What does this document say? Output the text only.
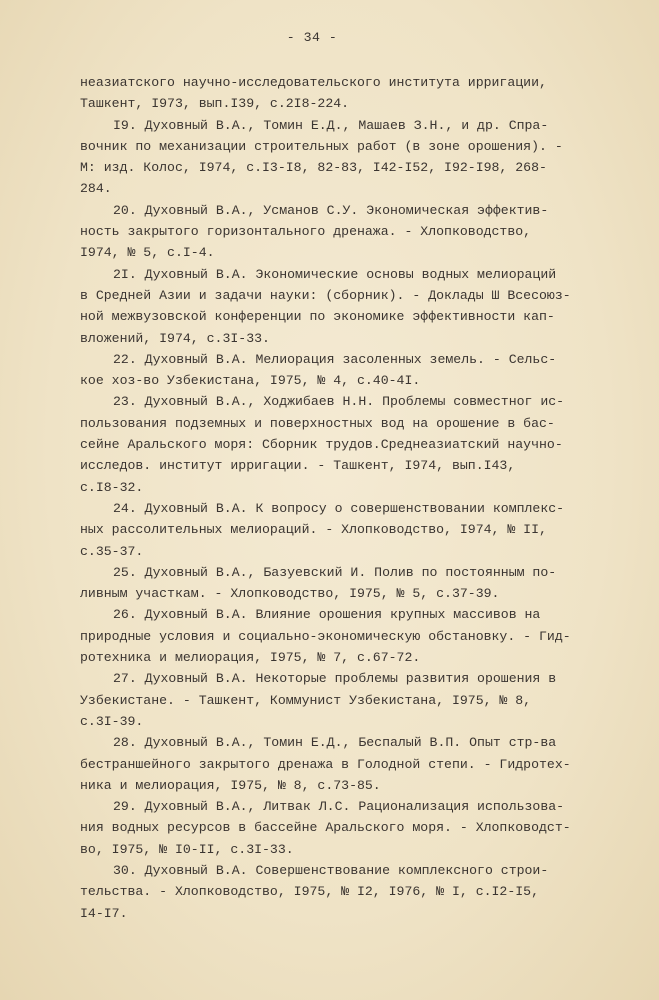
- 34 -
неазиатского научно-исследовательского института ирригации,
Ташкент, I973, вып.I39, с.2I8-224.
I9. Духовный В.А., Томин Е.Д., Машаев З.Н., и др. Спра-
вочник по механизации строительных работ (в зоне орошения). -
М: изд. Колос, I974, с.I3-I8, 82-83, I42-I52, I92-I98, 268-
284.
20. Духовный В.А., Усманов С.У. Экономическая эффектив-
ность закрытого горизонтального дренажа. - Хлопководство,
I974, № 5, с.I-4.
2I. Духовный В.А. Экономические основы водных мелиораций
в Средней Азии и задачи науки: (сборник). - Доклады Ш Всесоюз-
ной межвузовской конференции по экономике эффективности кап-
вложений, I974, с.3I-33.
22. Духовный В.А. Мелиорация засоленных земель. - Сельс-
кое хоз-во Узбекистана, I975, № 4, с.40-4I.
23. Духовный В.А., Ходжибаев Н.Н. Проблемы совместног ис-
пользования подземных и поверхностных вод на орошение в бас-
сейне Аральского моря: Сборник трудов.Среднеазиатский научно-
исследов. институт ирригации. - Ташкент, I974, вып.I43,
с.I8-32.
24. Духовный В.А. К вопросу о совершенствовании комплекс-
ных рассолительных мелиораций. - Хлопководство, I974, № II,
с.35-37.
25. Духовный В.А., Базуевский И. Полив по постоянным по-
ливным участкам. - Хлопководство, I975, № 5, с.37-39.
26. Духовный В.А. Влияние орошения крупных массивов на
природные условия и социально-экономическую обстановку. - Гид-
ротехника и мелиорация, I975, № 7, с.67-72.
27. Духовный В.А. Некоторые проблемы развития орошения в
Узбекистане. - Ташкент, Коммунист Узбекистана, I975, № 8,
с.3I-39.
28. Духовный В.А., Томин Е.Д., Беспалый В.П. Опыт стр-ва
бестраншейного закрытого дренажа в Голодной степи. - Гидротех-
ника и мелиорация, I975, № 8, с.73-85.
29. Духовный В.А., Литвак Л.С. Рационализация использова-
ния водных ресурсов в бассейне Аральского моря. - Хлопководст-
во, I975, № I0-II, с.3I-33.
30. Духовный В.А. Совершенствование комплексного строи-
тельства. - Хлопководство, I975, № I2, I976, № I, с.I2-I5,
I4-I7.
